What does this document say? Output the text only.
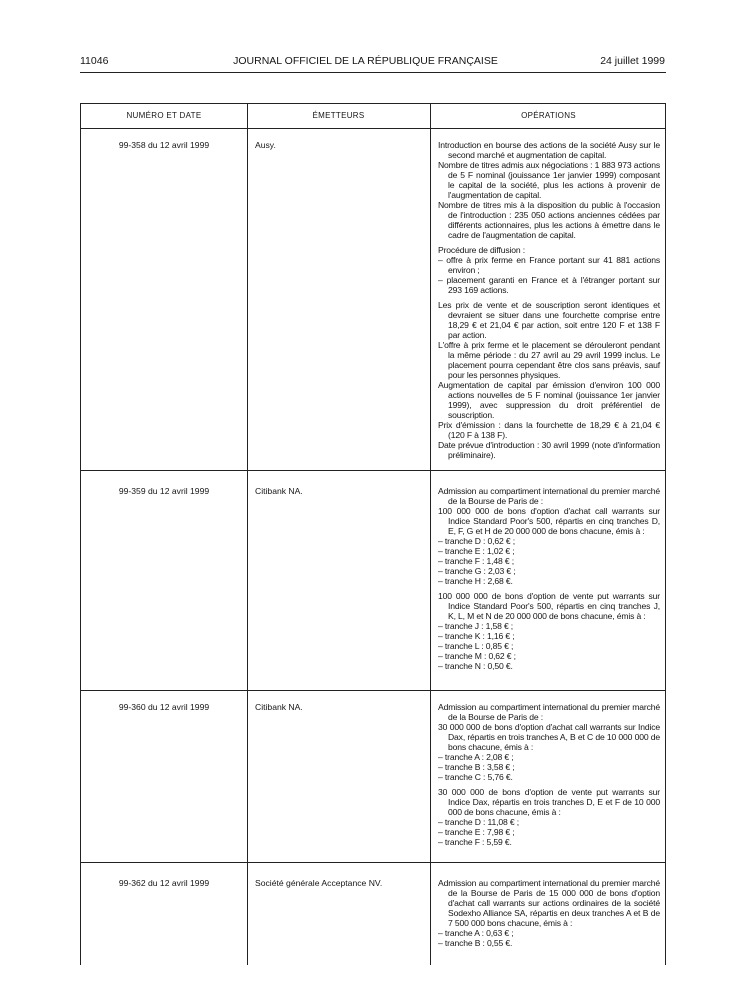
11046	JOURNAL OFFICIEL DE LA RÉPUBLIQUE FRANÇAISE	24 juillet 1999
NUMÉRO ET DATE	ÉMETTEURS	OPÉRATIONS
99-358 du 12 avril 1999	Ausy.	Introduction en bourse des actions de la société Ausy sur le second marché et augmentation de capital.

Nombre de titres admis aux négociations : 1 883 973 actions de 5 F nominal (jouissance 1er janvier 1999) composant le capital de la société, plus les actions à provenir de l'augmentation de capital.

Nombre de titres mis à la disposition du public à l'occasion de l'introduction : 235 050 actions anciennes cédées par différents actionnaires, plus les actions à émettre dans le cadre de l'augmentation de capital.

Procédure de diffusion :

– offre à prix ferme en France portant sur 41 881 actions environ ;

– placement garanti en France et à l'étranger portant sur 293 169 actions.

Les prix de vente et de souscription seront identiques et devraient se situer dans une fourchette comprise entre 18,29 € et 21,04 € par action, soit entre 120 F et 138 F par action.

L'offre à prix ferme et le placement se dérouleront pendant la même période : du 27 avril au 29 avril 1999 inclus. Le placement pourra cependant être clos sans préavis, sauf pour les personnes physiques.

Augmentation de capital par émission d'environ 100 000 actions nouvelles de 5 F nominal (jouissance 1er janvier 1999), avec suppression du droit préférentiel de souscription.

Prix d'émission : dans la fourchette de 18,29 € à 21,04 € (120 F à 138 F).

Date prévue d'introduction : 30 avril 1999 (note d'information préliminaire).

99-359 du 12 avril 1999	Citibank NA.	Admission au compartiment international du premier marché de la Bourse de Paris de :

100 000 000 de bons d'option d'achat call warrants sur Indice Standard Poor's 500, répartis en cinq tranches D, E, F, G et H de 20 000 000 de bons chacune, émis à :

– tranche D : 0,62 € ;

– tranche E : 1,02 € ;

– tranche F : 1,48 € ;

– tranche G : 2,03 € ;

– tranche H : 2,68 €.

100 000 000 de bons d'option de vente put warrants sur Indice Standard Poor's 500, répartis en cinq tranches J, K, L, M et N de 20 000 000 de bons chacune, émis à :

– tranche J : 1,58 € ;

– tranche K : 1,16 € ;

– tranche L : 0,85 € ;

– tranche M : 0,62 € ;

– tranche N : 0,50 €.

99-360 du 12 avril 1999	Citibank NA.	Admission au compartiment international du premier marché de la Bourse de Paris de :

30 000 000 de bons d'option d'achat call warrants sur Indice Dax, répartis en trois tranches A, B et C de 10 000 000 de bons chacune, émis à :

– tranche A : 2,08 € ;

– tranche B : 3,58 € ;

– tranche C : 5,76 €.

30 000 000 de bons d'option de vente put warrants sur Indice Dax, répartis en trois tranches D, E et F de 10 000 000 de bons chacune, émis à :

– tranche D : 11,08 € ;

– tranche E : 7,98 € ;

– tranche F : 5,59 €.

99-362 du 12 avril 1999	Société générale Acceptance NV.	Admission au compartiment international du premier marché de la Bourse de Paris de 15 000 000 de bons d'option d'achat call warrants sur actions ordinaires de la société Sodexho Alliance SA, répartis en deux tranches A et B de 7 500 000 bons chacune, émis à :

– tranche A : 0,63 € ;

– tranche B : 0,55 €.
